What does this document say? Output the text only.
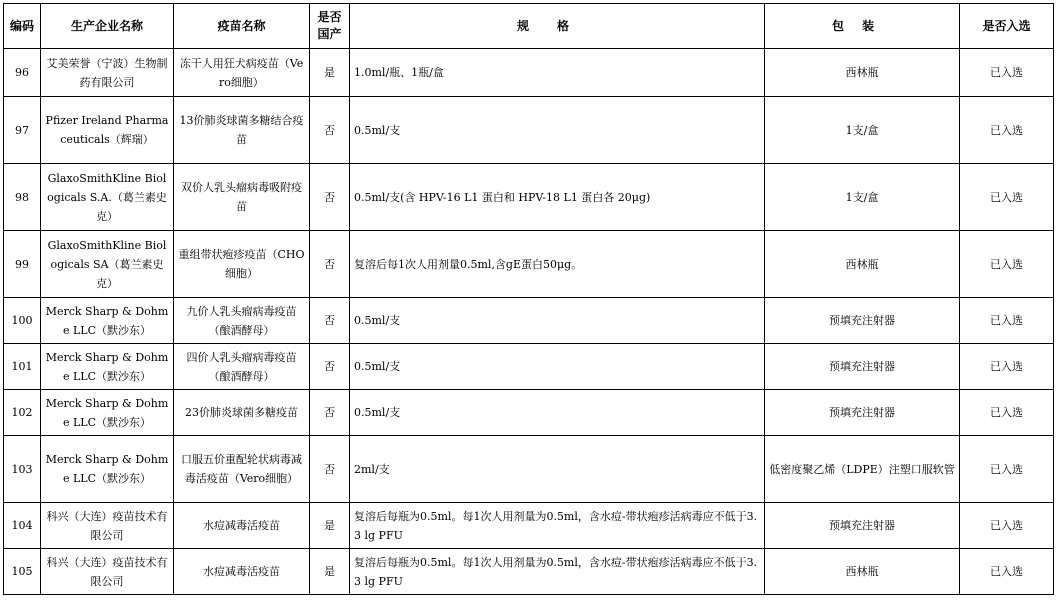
编码	生产企业名称	疫苗名称	是否国产	规格	包装	是否入选
96	艾美荣誉（宁波）生物制药有限公司	冻干人用狂犬病疫苗（Vero细胞）	是	1.0ml/瓶、1瓶/盒	西林瓶	已入选
97	Pfizer Ireland Pharmaceuticals（辉瑞）	13价肺炎球菌多糖结合疫苗	否	0.5ml/支	1支/盒	已入选
98	GlaxoSmithKline Biologicals S.A.（葛兰素史克）	双价人乳头瘤病毒吸附疫苗	否	0.5ml/支(含 HPV-16 L1 蛋白和 HPV-18 L1 蛋白各 20μg)	1支/盒	已入选
99	GlaxoSmithKline Biologicals SA（葛兰素史克）	重组带状疱疹疫苗（CHO细胞）	否	复溶后每1次人用剂量0.5ml,含gE蛋白50μg。	西林瓶	已入选
100	Merck Sharp & Dohme LLC（默沙东）	九价人乳头瘤病毒疫苗（酿酒酵母）	否	0.5ml/支	预填充注射器	已入选
101	Merck Sharp & Dohme LLC（默沙东）	四价人乳头瘤病毒疫苗（酿酒酵母）	否	0.5ml/支	预填充注射器	已入选
102	Merck Sharp & Dohme LLC（默沙东）	23价肺炎球菌多糖疫苗	否	0.5ml/支	预填充注射器	已入选
103	Merck Sharp & Dohme LLC（默沙东）	口服五价重配轮状病毒减毒活疫苗（Vero细胞）	否	2ml/支	低密度聚乙烯（LDPE）注塑口服软管	已入选
104	科兴（大连）疫苗技术有限公司	水痘减毒活疫苗	是	复溶后每瓶为0.5ml。每1次人用剂量为0.5ml，含水痘-带状疱疹活病毒应不低于3.3 lg PFU	预填充注射器	已入选
105	科兴（大连）疫苗技术有限公司	水痘减毒活疫苗	是	复溶后每瓶为0.5ml。每1次人用剂量为0.5ml，含水痘-带状疱疹活病毒应不低于3.3 lg PFU	西林瓶	已入选
